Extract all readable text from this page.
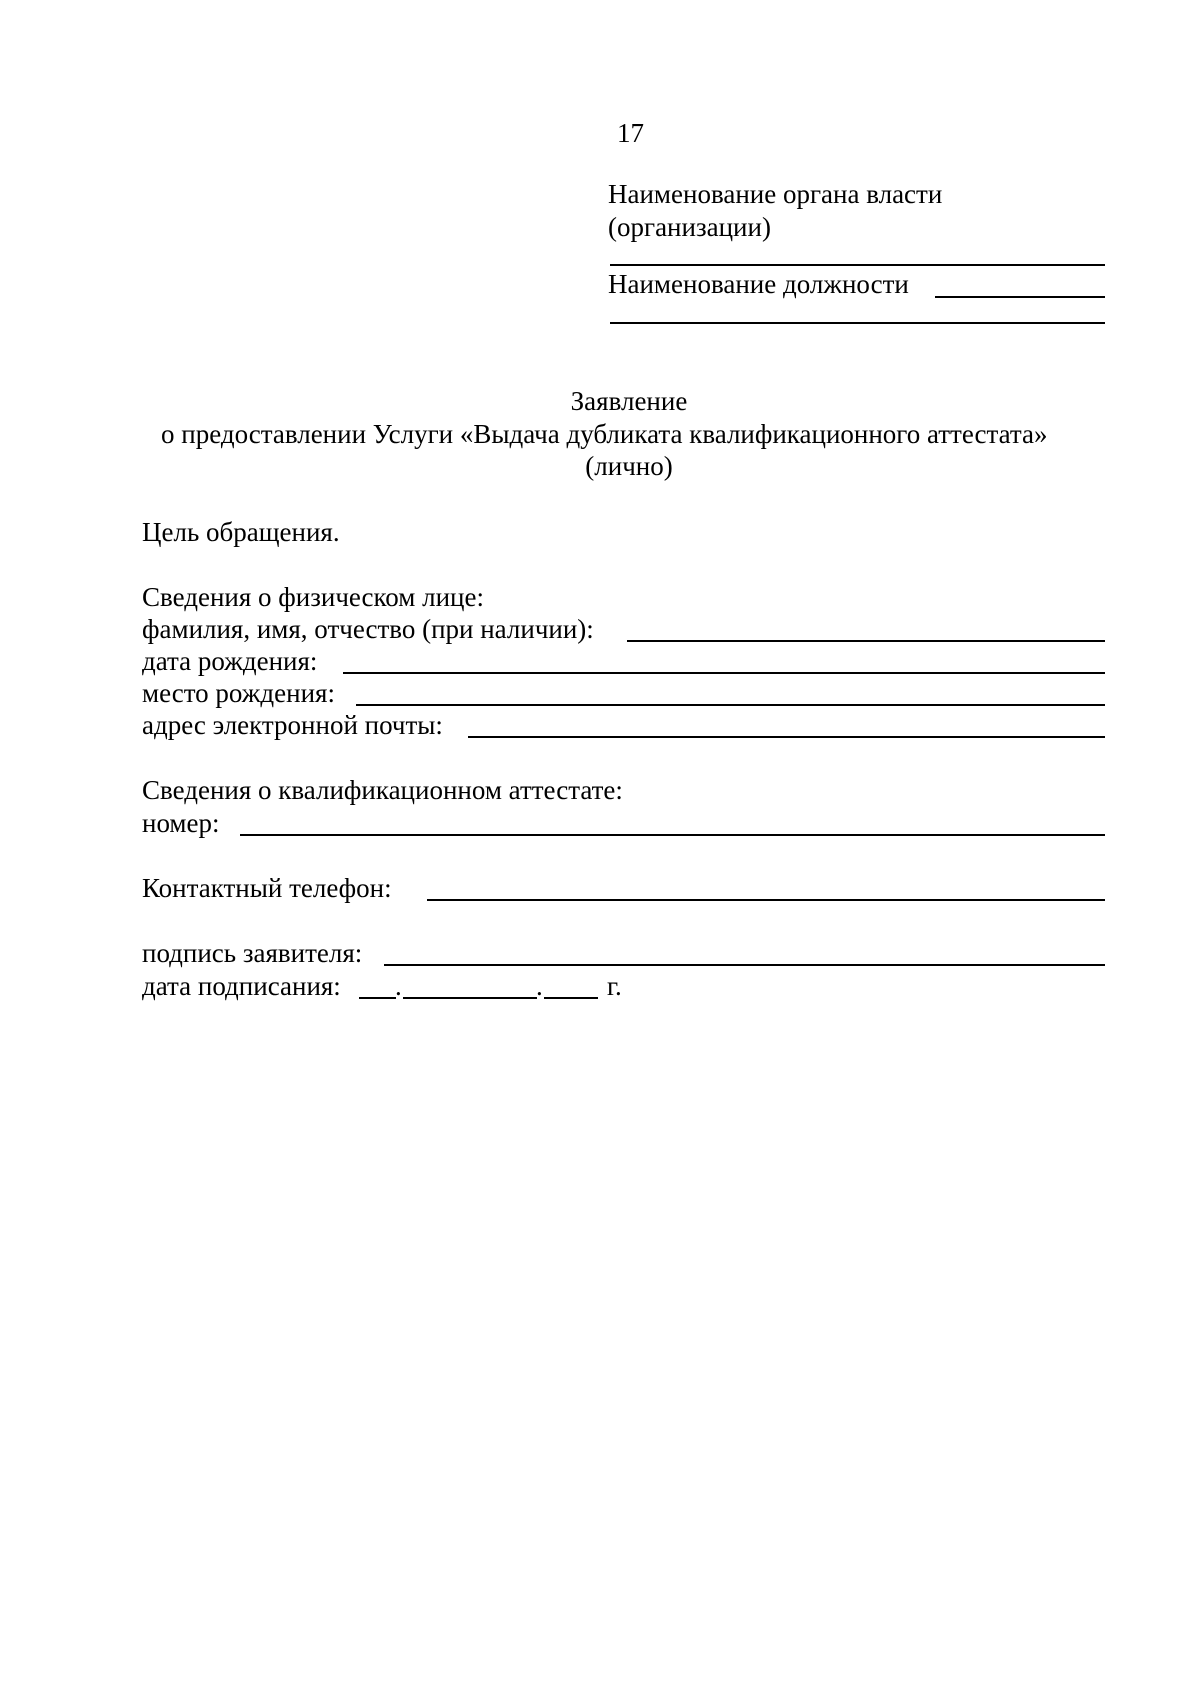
17
Наименование органа власти
(организации)
Наименование должности
Заявление
о предоставлении Услуги «Выдача дубликата квалификационного аттестата»
(лично)
Цель обращения.
Сведения о физическом лице:
фамилия, имя, отчество (при наличии):
дата рождения:
место рождения:
адрес электронной почты:
Сведения о квалификационном аттестате:
номер:
Контактный телефон:
подпись заявителя:
дата подписания: .	. г.
